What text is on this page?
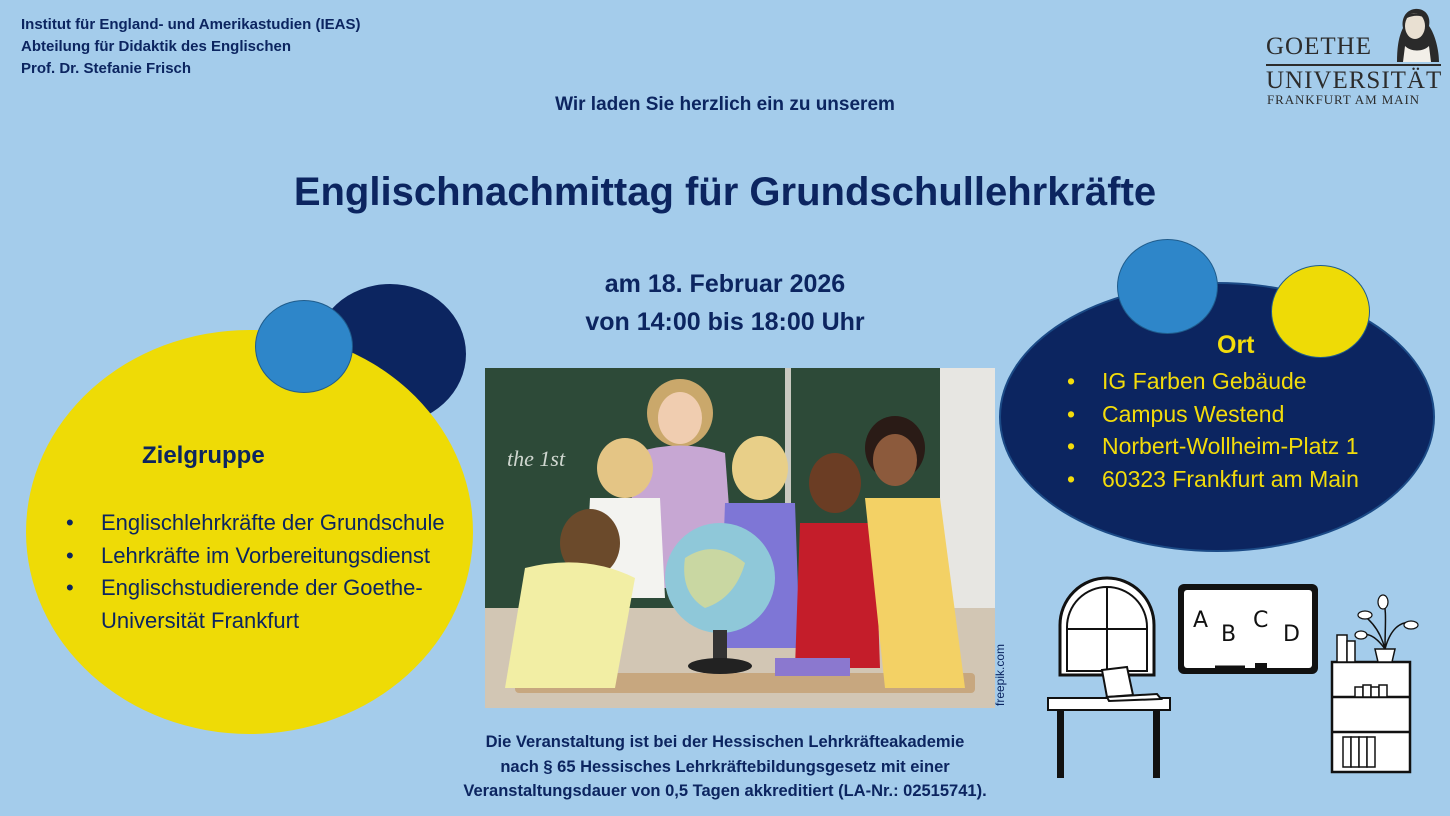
Institut für England- und Amerikastudien (IEAS)
Abteilung für Didaktik des Englischen
Prof. Dr. Stefanie Frisch
GOETHE
UNIVERSITÄT
FRANKFURT AM MAIN
Wir laden Sie herzlich ein zu unserem
Englischnachmittag für Grundschullehrkräfte
am 18. Februar 2026
von 14:00 bis 18:00 Uhr
Zielgruppe
• Englischlehrkräfte der Grundschule
• Lehrkräfte im Vorbereitungsdienst
• Englischstudierende der Goethe-
Universität Frankfurt
Ort
• IG Farben Gebäude
• Campus Westend
• Norbert-Wollheim-Platz 1
• 60323 Frankfurt am Main
the 1st
freepik.com
A
B
C
D
Die Veranstaltung ist bei der Hessischen Lehrkräfteakademie
nach § 65 Hessisches Lehrkräftebildungsgesetz mit einer
Veranstaltungsdauer von 0,5 Tagen akkreditiert (LA-Nr.: 02515741).
